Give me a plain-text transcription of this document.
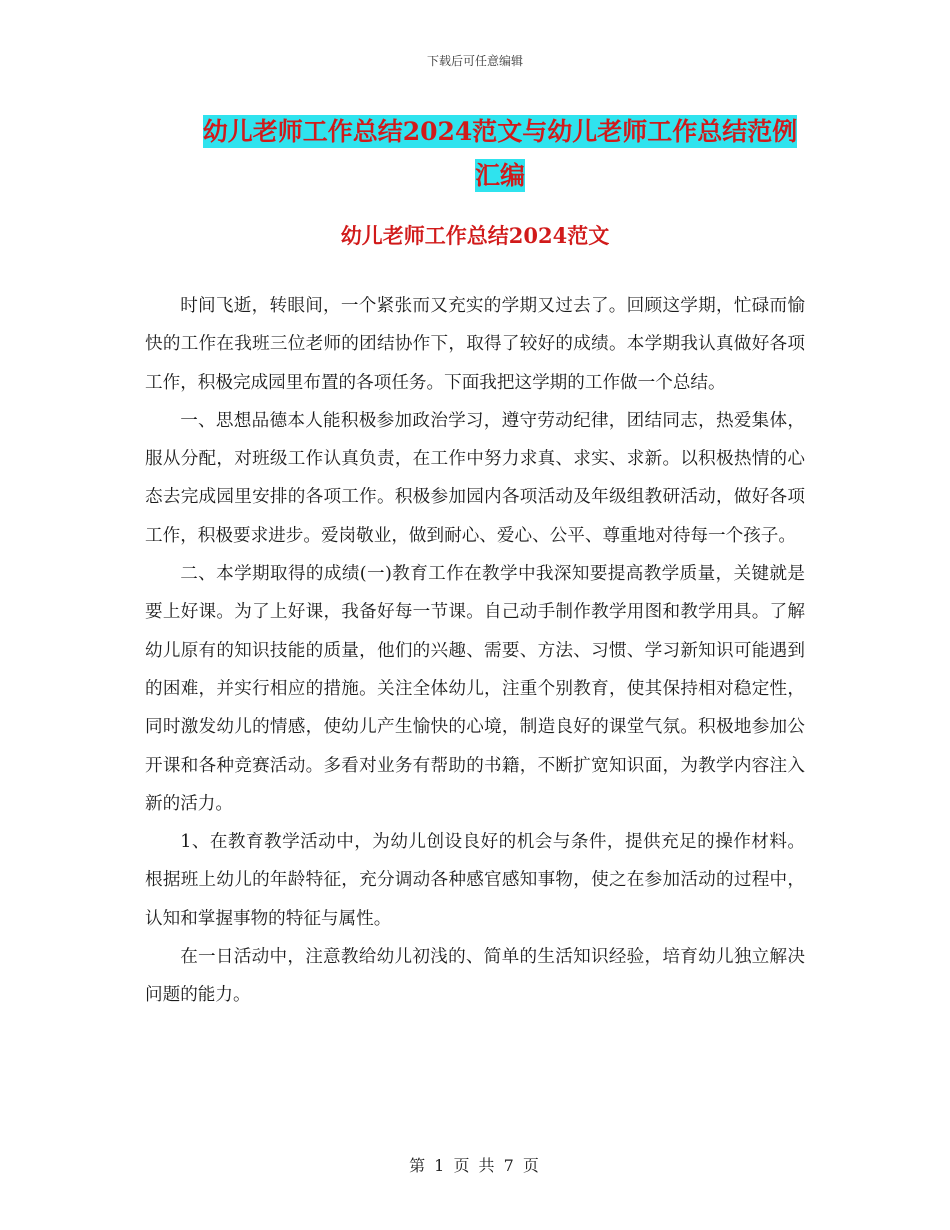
下载后可任意编辑
幼儿老师工作总结2024范文与幼儿老师工作总结范例
汇编
幼儿老师工作总结2024范文

时间飞逝，转眼间，一个紧张而又充实的学期又过去了。回顾这学期，忙碌而愉快的工作在我班三位老师的团结协作下，取得了较好的成绩。本学期我认真做好各项工作，积极完成园里布置的各项任务。下面我把这学期的工作做一个总结。

一、思想品德本人能积极参加政治学习，遵守劳动纪律，团结同志，热爱集体，服从分配，对班级工作认真负责，在工作中努力求真、求实、求新。以积极热情的心态去完成园里安排的各项工作。积极参加园内各项活动及年级组教研活动，做好各项工作，积极要求进步。爱岗敬业，做到耐心、爱心、公平、尊重地对待每一个孩子。

二、本学期取得的成绩(一)教育工作在教学中我深知要提高教学质量，关键就是要上好课。为了上好课，我备好每一节课。自己动手制作教学用图和教学用具。了解幼儿原有的知识技能的质量，他们的兴趣、需要、方法、习惯、学习新知识可能遇到的困难，并实行相应的措施。关注全体幼儿，注重个别教育，使其保持相对稳定性，同时激发幼儿的情感，使幼儿产生愉快的心境，制造良好的课堂气氛。积极地参加公开课和各种竞赛活动。多看对业务有帮助的书籍，不断扩宽知识面，为教学内容注入新的活力。

1、在教育教学活动中，为幼儿创设良好的机会与条件，提供充足的操作材料。根据班上幼儿的年龄特征，充分调动各种感官感知事物，使之在参加活动的过程中，认知和掌握事物的特征与属性。

在一日活动中，注意教给幼儿初浅的、简单的生活知识经验，培育幼儿独立解决问题的能力。

第 1 页 共 7 页
